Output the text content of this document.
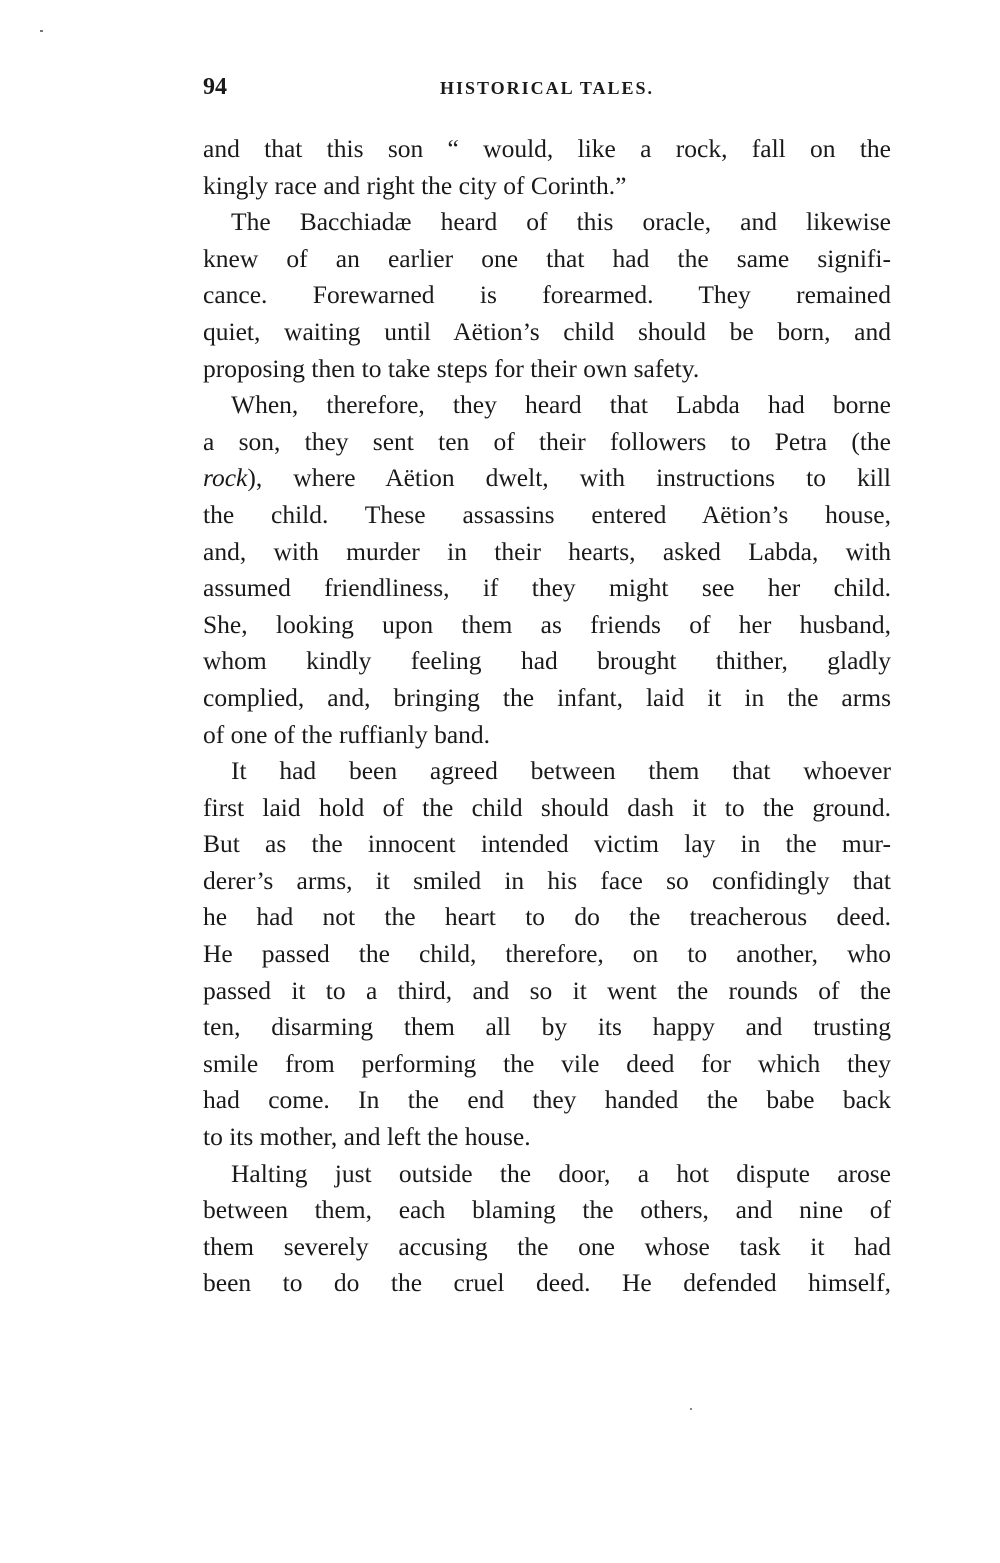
94	HISTORICAL TALES.
and that this son “ would, like a rock, fall on the
kingly race and right the city of Corinth.”
The Bacchiadæ heard of this oracle, and likewise
knew of an earlier one that had the same signifi-
cance. Forewarned is forearmed. They remained
quiet, waiting until Aëtion’s child should be born, and
proposing then to take steps for their own safety.
When, therefore, they heard that Labda had borne
a son, they sent ten of their followers to Petra (the
rock), where Aëtion dwelt, with instructions to kill
the child. These assassins entered Aëtion’s house,
and, with murder in their hearts, asked Labda, with
assumed friendliness, if they might see her child.
She, looking upon them as friends of her husband,
whom kindly feeling had brought thither, gladly
complied, and, bringing the infant, laid it in the arms
of one of the ruffianly band.
It had been agreed between them that whoever
first laid hold of the child should dash it to the ground.
But as the innocent intended victim lay in the mur-
derer’s arms, it smiled in his face so confidingly that
he had not the heart to do the treacherous deed.
He passed the child, therefore, on to another, who
passed it to a third, and so it went the rounds of the
ten, disarming them all by its happy and trusting
smile from performing the vile deed for which they
had come. In the end they handed the babe back
to its mother, and left the house.
Halting just outside the door, a hot dispute arose
between them, each blaming the others, and nine of
them severely accusing the one whose task it had
been to do the cruel deed. He defended himself,
